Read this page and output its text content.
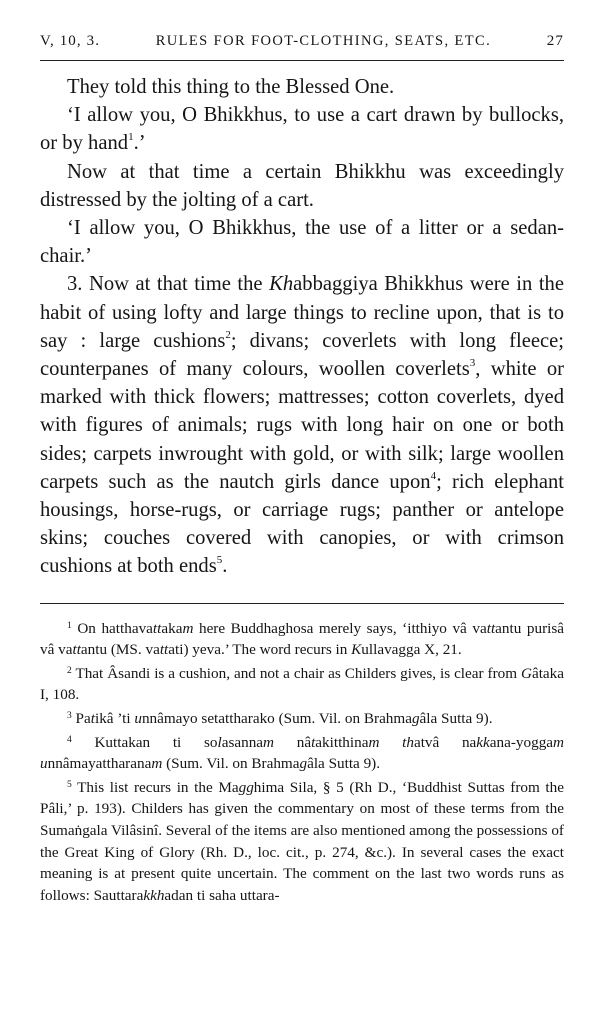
V, 10, 3.	RULES FOR FOOT-CLOTHING, SEATS, ETC.	27

They told this thing to the Blessed One.

‘I allow you, O Bhikkhus, to use a cart drawn by bullocks, or by hand$^1$.’

Now at that time a certain Bhikkhu was exceedingly distressed by the jolting of a cart.

‘I allow you, O Bhikkhus, the use of a litter or a sedan-chair.’

3. Now at that time the Khabbaggiya Bhikkhus were in the habit of using lofty and large things to recline upon, that is to say : large cushions$^2$; divans; coverlets with long fleece; counterpanes of many colours, woollen coverlets$^3$, white or marked with thick flowers; mattresses; cotton coverlets, dyed with figures of animals; rugs with long hair on one or both sides; carpets inwrought with gold, or with silk; large woollen carpets such as the nautch girls dance upon$^4$; rich elephant housings, horse-rugs, or carriage rugs; panther or antelope skins; couches covered with canopies, or with crimson cushions at both ends$^5$.

$^1$ On hatthavattakam here Buddhaghosa merely says, ‘itthiyo vâ vattantu purisâ vâ vattantu (MS. vattati) yeva.’ The word recurs in Kullavagga X, 21.

$^2$ That Âsandi is a cushion, and not a chair as Childers gives, is clear from Gâtaka I, 108.

$^3$ Patikâ ’ti unnâmayo setattharako (Sum. Vil. on Brahmagâla Sutta 9).

$^4$ Kuttakan ti solasannam nâtakitthinam thatvâ nakkana-yoggam unnâmayattharanam (Sum. Vil. on Brahmagâla Sutta 9).

$^5$ This list recurs in the Magghima Sila, § 5 (Rh D., ‘Buddhist Suttas from the Pâli,’ p. 193). Childers has given the commentary on most of these terms from the Sumaṅgala Vilâsinî. Several of the items are also mentioned among the possessions of the Great King of Glory (Rh. D., loc. cit., p. 274, &c.). In several cases the exact meaning is at present quite uncertain. The comment on the last two words runs as follows: Sauttarakkhadan ti saha uttara-
